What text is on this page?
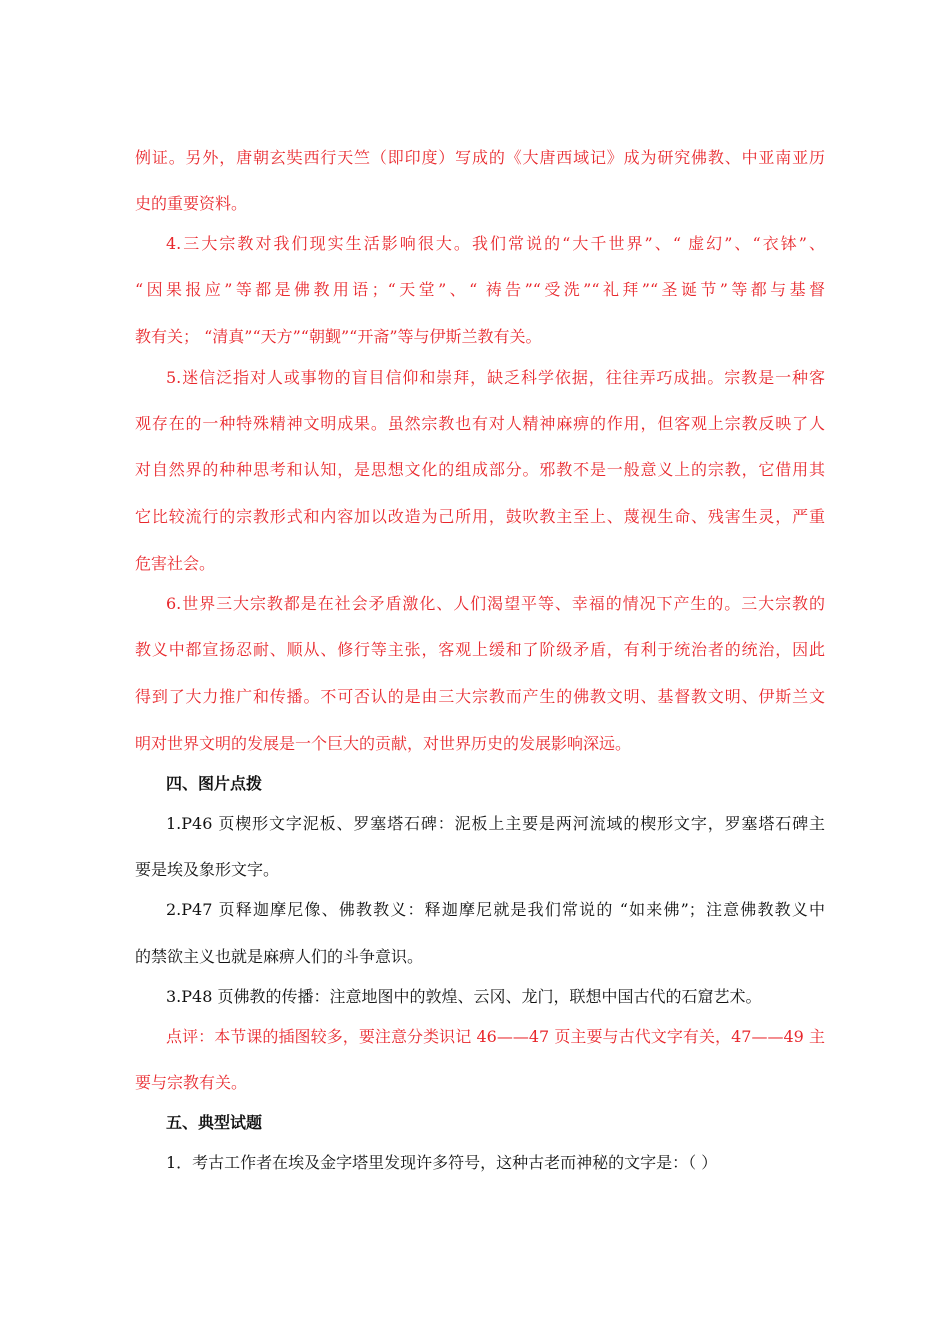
例证。另外，唐朝玄奘西行天竺（即印度）写成的《大唐西域记》成为研究佛教、中亚南亚历
史的重要资料。
4.三大宗教对我们现实生活影响很大。我们常说的“大千世界”、“ 虚幻”、“衣钵”、
“因果报应”等都是佛教用语；“天堂”、“ 祷告”“受洗”“礼拜”“圣诞节”等都与基督
教有关； “清真”“天方”“朝觐”“开斋”等与伊斯兰教有关。
5.迷信泛指对人或事物的盲目信仰和崇拜，缺乏科学依据，往往弄巧成拙。宗教是一种客
观存在的一种特殊精神文明成果。虽然宗教也有对人精神麻痹的作用，但客观上宗教反映了人
对自然界的种种思考和认知，是思想文化的组成部分。邪教不是一般意义上的宗教，它借用其
它比较流行的宗教形式和内容加以改造为己所用，鼓吹教主至上、蔑视生命、残害生灵，严重
危害社会。
6.世界三大宗教都是在社会矛盾激化、人们渴望平等、幸福的情况下产生的。三大宗教的
教义中都宣扬忍耐、顺从、修行等主张，客观上缓和了阶级矛盾，有利于统治者的统治，因此
得到了大力推广和传播。不可否认的是由三大宗教而产生的佛教文明、基督教文明、伊斯兰文
明对世界文明的发展是一个巨大的贡献，对世界历史的发展影响深远。
四、图片点拨
1.P46 页楔形文字泥板、罗塞塔石碑：泥板上主要是两河流域的楔形文字，罗塞塔石碑主
要是埃及象形文字。
2.P47 页释迦摩尼像、佛教教义：释迦摩尼就是我们常说的 “如来佛”；注意佛教教义中
的禁欲主义也就是麻痹人们的斗争意识。
3.P48 页佛教的传播：注意地图中的敦煌、云冈、龙门，联想中国古代的石窟艺术。
点评：本节课的插图较多，要注意分类识记 46——47 页主要与古代文字有关，47——49 主
要与宗教有关。
五、典型试题
1．考古工作者在埃及金字塔里发现许多符号，这种古老而神秘的文字是：（ ）
